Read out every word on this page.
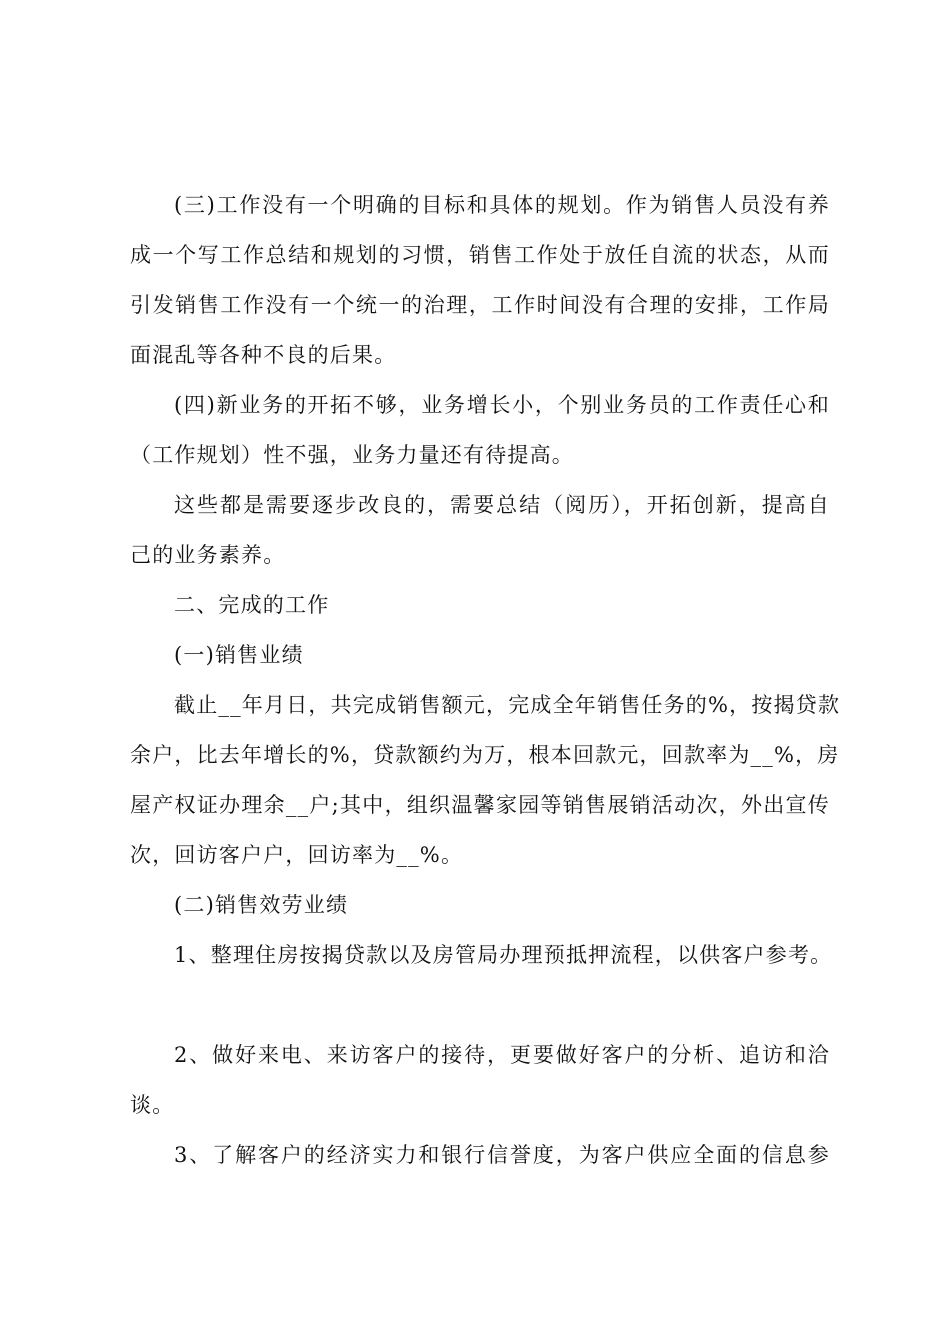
(三)工作没有一个明确的目标和具体的规划。作为销售人员没有养
成一个写工作总结和规划的习惯，销售工作处于放任自流的状态，从而
引发销售工作没有一个统一的治理，工作时间没有合理的安排，工作局
面混乱等各种不良的后果。
(四)新业务的开拓不够，业务增长小，个别业务员的工作责任心和
（工作规划）性不强，业务力量还有待提高。
这些都是需要逐步改良的，需要总结（阅历），开拓创新，提高自
己的业务素养。
二、完成的工作
(一)销售业绩
截止__年月日，共完成销售额元，完成全年销售任务的%，按揭贷款
余户，比去年增长的%，贷款额约为万，根本回款元，回款率为__%，房
屋产权证办理余__户;其中，组织温馨家园等销售展销活动次，外出宣传
次，回访客户户，回访率为__%。
(二)销售效劳业绩
1、整理住房按揭贷款以及房管局办理预抵押流程，以供客户参考。
2、做好来电、来访客户的接待，更要做好客户的分析、追访和洽
谈。
3、了解客户的经济实力和银行信誉度，为客户供应全面的信息参
